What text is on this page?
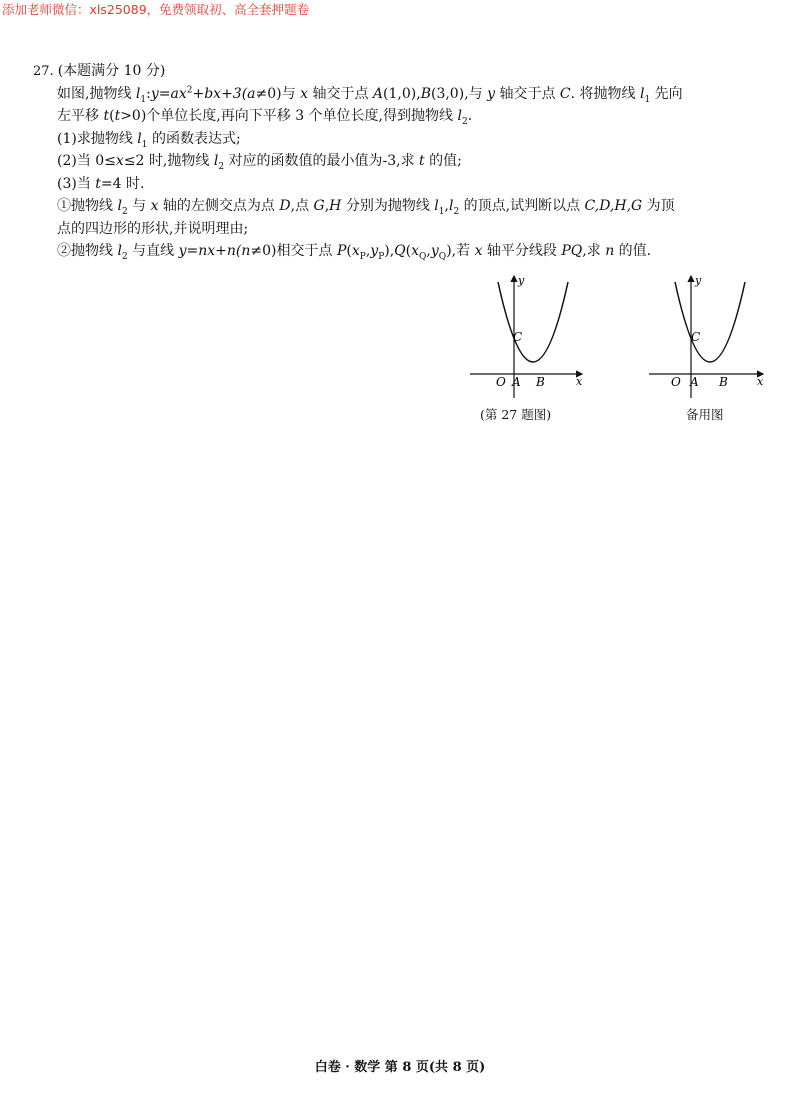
添加老师微信：xls25089，免费领取初、高全套押题卷
27. (本题满分 10 分)
如图,抛物线 $l_1:y=ax^2+bx+3(a\ne 0)$与 x 轴交于点 A(1,0),B(3,0),与 y 轴交于点 C. 将抛物线 $l_1$ 先向
左平移 t(t>0)个单位长度,再向下平移 3 个单位长度,得到抛物线 $l_2$.
(1)求抛物线 $l_1$ 的函数表达式;
(2)当 0≤x≤2 时,抛物线 $l_2$ 对应的函数值的最小值为-3,求 t 的值;
(3)当 t=4 时.
①抛物线 $l_2$ 与 x 轴的左侧交点为点 D,点 G,H 分别为抛物线 $l_1,l_2$ 的顶点,试判断以点 C,D,H,G 为顶
点的四边形的形状,并说明理由;
②抛物线 $l_2$ 与直线 y=nx+n(n≠0)相交于点 $P(x_P,y_P),Q(x_Q,y_Q)$,若 x 轴平分线段 PQ,求 n 的值.
y
x
C
O A B
(第 27 题图)
y
x
C
O A B
备用图
白卷 · 数学 第 8 页(共 8 页)
